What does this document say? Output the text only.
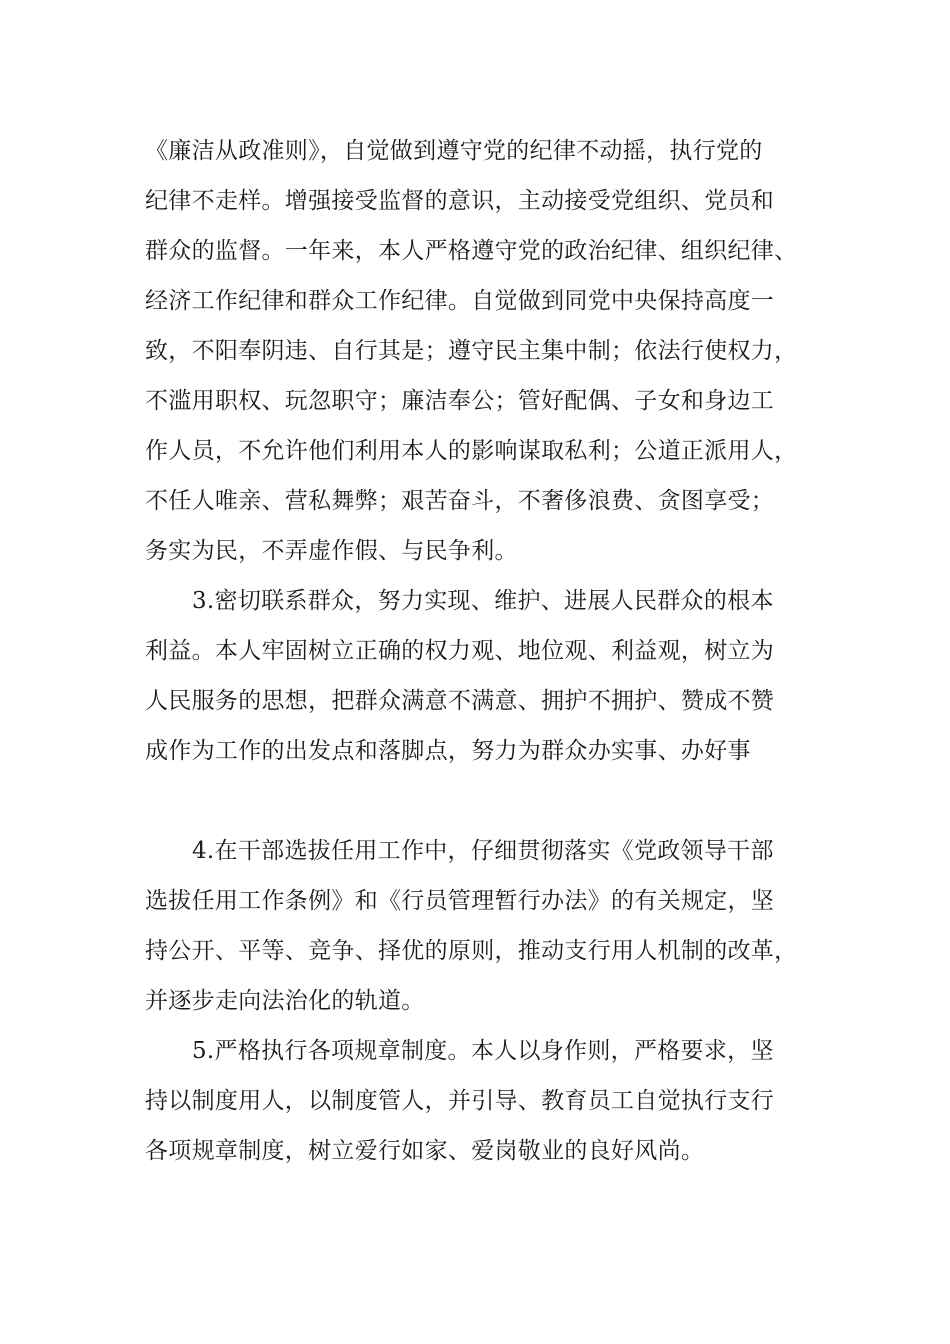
《廉洁从政准则》，自觉做到遵守党的纪律不动摇，执行党的
纪律不走样。增强接受监督的意识，主动接受党组织、党员和
群众的监督。一年来，本人严格遵守党的政治纪律、组织纪律、
经济工作纪律和群众工作纪律。自觉做到同党中央保持高度一
致，不阳奉阴违、自行其是；遵守民主集中制；依法行使权力，
不滥用职权、玩忽职守；廉洁奉公；管好配偶、子女和身边工
作人员，不允许他们利用本人的影响谋取私利；公道正派用人，
不任人唯亲、营私舞弊；艰苦奋斗，不奢侈浪费、贪图享受；
务实为民，不弄虚作假、与民争利。
3.密切联系群众，努力实现、维护、进展人民群众的根本
利益。本人牢固树立正确的权力观、地位观、利益观，树立为
人民服务的思想，把群众满意不满意、拥护不拥护、赞成不赞
成作为工作的出发点和落脚点，努力为群众办实事、办好事
4.在干部选拔任用工作中，仔细贯彻落实《党政领导干部
选拔任用工作条例》和《行员管理暂行办法》的有关规定，坚
持公开、平等、竞争、择优的原则，推动支行用人机制的改革，
并逐步走向法治化的轨道。
5.严格执行各项规章制度。本人以身作则，严格要求，坚
持以制度用人，以制度管人，并引导、教育员工自觉执行支行
各项规章制度，树立爱行如家、爱岗敬业的良好风尚。
